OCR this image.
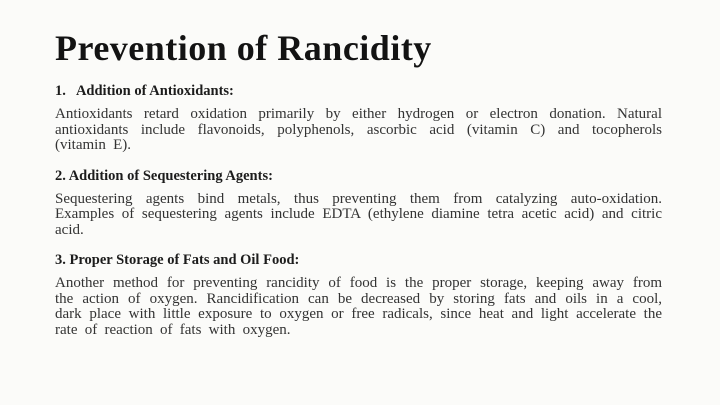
Prevention of Rancidity
1.   Addition of Antioxidants:

Antioxidants retard oxidation primarily by either hydrogen or electron donation. Natural antioxidants include flavonoids, polyphenols, ascorbic acid (vitamin C) and tocopherols (vitamin E).

2. Addition of Sequestering Agents:

Sequestering agents bind metals, thus preventing them from catalyzing auto-oxidation. Examples of sequestering agents include EDTA (ethylene diamine tetra acetic acid) and citric acid.

3. Proper Storage of Fats and Oil Food:

Another method for preventing rancidity of food is the proper storage, keeping away from the action of oxygen. Rancidification can be decreased by storing fats and oils in a cool, dark place with little exposure to oxygen or free radicals, since heat and light accelerate the rate of reaction of fats with oxygen.
